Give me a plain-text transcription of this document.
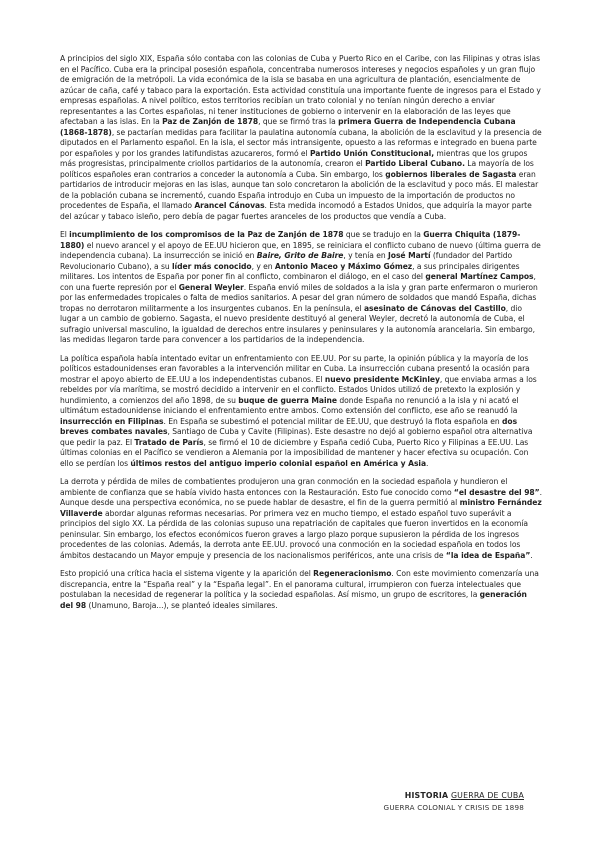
A principios del siglo XIX, España sólo contaba con las colonias de Cuba y Puerto Rico en el Caribe, con las Filipinas y otras islas en el Pacífico. Cuba era la principal posesión española, concentraba numerosos intereses y negocios españoles y un gran flujo de emigración de la metrópoli. La vida económica de la isla se basaba en una agricultura de plantación, esencialmente de azúcar de caña, café y tabaco para la exportación. Esta actividad constituía una importante fuente de ingresos para el Estado y empresas españolas. A nivel político, estos territorios recibían un trato colonial y no tenían ningún derecho a enviar representantes a las Cortes españolas, ni tener instituciones de gobierno o intervenir en la elaboración de las leyes que afectaban a las islas. En la Paz de Zanjón de 1878, que se firmó tras la primera Guerra de Independencia Cubana (1868-1878), se pactarían medidas para facilitar la paulatina autonomía cubana, la abolición de la esclavitud y la presencia de diputados en el Parlamento español. En la isla, el sector más intransigente, opuesto a las reformas e integrado en buena parte por españoles y por los grandes latifundistas azucareros, formó el Partido Unión Constitucional, mientras que los grupos más progresistas, principalmente criollos partidarios de la autonomía, crearon el Partido Liberal Cubano. La mayoría de los políticos españoles eran contrarios a conceder la autonomía a Cuba. Sin embargo, los gobiernos liberales de Sagasta eran partidarios de introducir mejoras en las islas, aunque tan solo concretaron la abolición de la esclavitud y poco más. El malestar de la población cubana se incrementó, cuando España introdujo en Cuba un impuesto de la importación de productos no procedentes de España, el llamado Arancel Cánovas. Esta medida incomodó a Estados Unidos, que adquiría la mayor parte del azúcar y tabaco isleño, pero debía de pagar fuertes aranceles de los productos que vendía a Cuba.

El incumplimiento de los compromisos de la Paz de Zanjón de 1878 que se tradujo en la Guerra Chiquita (1879-1880) el nuevo arancel y el apoyo de EE.UU hicieron que, en 1895, se reiniciara el conflicto cubano de nuevo (última guerra de independencia cubana). La insurrección se inició en Baire, Grito de Baire, y tenía en José Martí (fundador del Partido Revolucionario Cubano), a su líder más conocido, y en Antonio Maceo y Máximo Gómez, a sus principales dirigentes militares. Los intentos de España por poner fin al conflicto, combinaron el diálogo, en el caso del general Martínez Campos, con una fuerte represión por el General Weyler. España envió miles de soldados a la isla y gran parte enfermaron o murieron por las enfermedades tropicales o falta de medios sanitarios. A pesar del gran número de soldados que mandó España, dichas tropas no derrotaron militarmente a los insurgentes cubanos. En la península, el asesinato de Cánovas del Castillo, dio lugar a un cambio de gobierno. Sagasta, el nuevo presidente destituyó al general Weyler, decretó la autonomía de Cuba, el sufragio universal masculino, la igualdad de derechos entre insulares y peninsulares y la autonomía arancelaria. Sin embargo, las medidas llegaron tarde para convencer a los partidarios de la independencia.

La política española había intentado evitar un enfrentamiento con EE.UU. Por su parte, la opinión pública y la mayoría de los políticos estadounidenses eran favorables a la intervención militar en Cuba. La insurrección cubana presentó la ocasión para mostrar el apoyo abierto de EE.UU a los independentistas cubanos. El nuevo presidente McKinley, que enviaba armas a los rebeldes por vía marítima, se mostró decidido a intervenir en el conflicto. Estados Unidos utilizó de pretexto la explosión y hundimiento, a comienzos del año 1898, de su buque de guerra Maine donde España no renunció a la isla y ni acató el ultimátum estadounidense iniciando el enfrentamiento entre ambos. Como extensión del conflicto, ese año se reanudó la insurrección en Filipinas. En España se subestimó el potencial militar de EE.UU, que destruyó la flota española en dos breves combates navales, Santiago de Cuba y Cavite (Filipinas). Este desastre no dejó al gobierno español otra alternativa que pedir la paz. El Tratado de París, se firmó el 10 de diciembre y España cedió Cuba, Puerto Rico y Filipinas a EE.UU. Las últimas colonias en el Pacífico se vendieron a Alemania por la imposibilidad de mantener y hacer efectiva su ocupación. Con ello se perdían los últimos restos del antiguo imperio colonial español en América y Asia.

La derrota y pérdida de miles de combatientes produjeron una gran conmoción en la sociedad española y hundieron el ambiente de confianza que se había vivido hasta entonces con la Restauración. Esto fue conocido como “el desastre del 98”.
Aunque desde una perspectiva económica, no se puede hablar de desastre, el fin de la guerra permitió al ministro Fernández Villaverde abordar algunas reformas necesarias. Por primera vez en mucho tiempo, el estado español tuvo superávit a principios del siglo XX. La pérdida de las colonias supuso una repatriación de capitales que fueron invertidos en la economía peninsular. Sin embargo, los efectos económicos fueron graves a largo plazo porque supusieron la pérdida de los ingresos procedentes de las colonias. Además, la derrota ante EE.UU. provocó una conmoción en la sociedad española en todos los ámbitos destacando un Mayor empuje y presencia de los nacionalismos periféricos, ante una crisis de “la idea de España”.

Esto propició una crítica hacia el sistema vigente y la aparición del Regeneracionismo. Con este movimiento comenzaría una discrepancia, entre la “España real” y la “España legal”. En el panorama cultural, irrumpieron con fuerza intelectuales que postulaban la necesidad de regenerar la política y la sociedad españolas. Así mismo, un grupo de escritores, la generación del 98 (Unamuno, Baroja...), se planteó ideales similares.

HISTORIA GUERRA DE CUBA
GUERRA COLONIAL Y CRISIS DE 1898
